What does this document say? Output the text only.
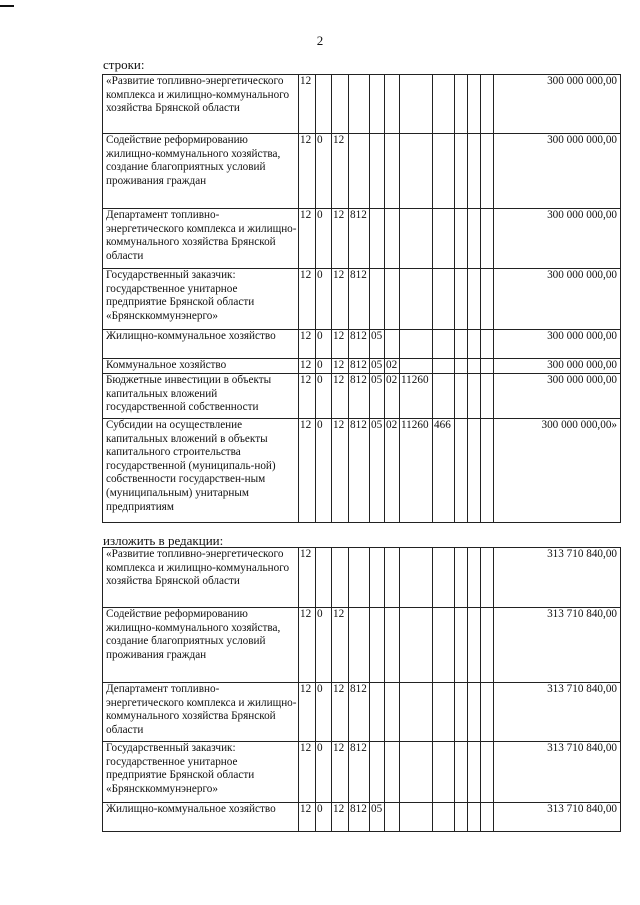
2
строки:
«Развитие топливно-энергетического комплекса и жилищно-коммунального хозяйства Брянской области	12											300 000 000,00
Содействие реформированию жилищно-коммунального хозяйства, создание благоприятных условий проживания граждан	12	0	12									300 000 000,00
Департамент топливно-энергетического комплекса и жилищно-коммунального хозяйства Брянской области	12	0	12	812								300 000 000,00
Государственный заказчик: государственное унитарное предприятие Брянской области «Брянсккоммунэнерго»	12	0	12	812								300 000 000,00
Жилищно-коммунальное хозяйство	12	0	12	812	05							300 000 000,00
Коммунальное хозяйство	12	0	12	812	05	02						300 000 000,00
Бюджетные инвестиции в объекты капитальных вложений государственной собственности	12	0	12	812	05	02	11260					300 000 000,00
Субсидии на осуществление капитальных вложений в объекты капитального строительства государственной (муниципаль-ной) собственности государствен-ным (муниципальным) унитарным предприятиям	12	0	12	812	05	02	11260	466				300 000 000,00»
изложить в редакции:
«Развитие топливно-энергетического комплекса и жилищно-коммунального хозяйства Брянской области	12											313 710 840,00
Содействие реформированию жилищно-коммунального хозяйства, создание благоприятных условий проживания граждан	12	0	12									313 710 840,00
Департамент топливно-энергетического комплекса и жилищно-коммунального хозяйства Брянской области	12	0	12	812								313 710 840,00
Государственный заказчик: государственное унитарное предприятие Брянской области «Брянсккоммунэнерго»	12	0	12	812								313 710 840,00
Жилищно-коммунальное хозяйство	12	0	12	812	05							313 710 840,00
